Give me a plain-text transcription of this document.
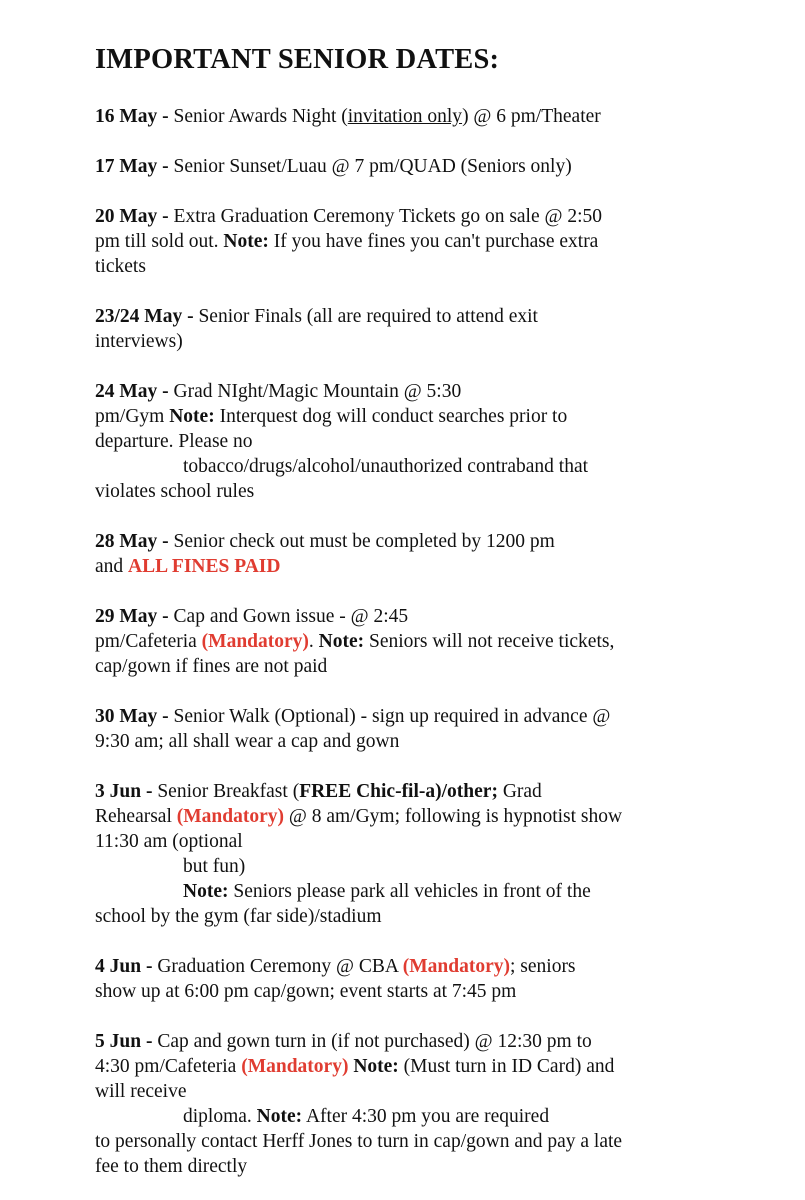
IMPORTANT SENIOR DATES:
16 May - Senior Awards Night (invitation only) @ 6 pm/Theater
17 May - Senior Sunset/Luau @ 7 pm/QUAD (Seniors only)
20 May - Extra Graduation Ceremony Tickets go on sale @ 2:50
pm till sold out. Note: If you have fines you can't purchase extra
tickets
23/24 May - Senior Finals (all are required to attend exit
interviews)
24 May - Grad NIght/Magic Mountain @ 5:30
pm/Gym Note: Interquest dog will conduct searches prior to
departure. Please no
tobacco/drugs/alcohol/unauthorized contraband that
violates school rules
28 May - Senior check out must be completed by 1200 pm
and ALL FINES PAID
29 May - Cap and Gown issue - @ 2:45
pm/Cafeteria (Mandatory). Note: Seniors will not receive tickets,
cap/gown if fines are not paid
30 May - Senior Walk (Optional) - sign up required in advance @
9:30 am; all shall wear a cap and gown
3 Jun - Senior Breakfast (FREE Chic-fil-a)/other; Grad
Rehearsal (Mandatory) @ 8 am/Gym; following is hypnotist show
11:30 am (optional
but fun)
Note: Seniors please park all vehicles in front of the
school by the gym (far side)/stadium
4 Jun - Graduation Ceremony @ CBA (Mandatory); seniors
show up at 6:00 pm cap/gown; event starts at 7:45 pm
5 Jun - Cap and gown turn in (if not purchased) @ 12:30 pm to
4:30 pm/Cafeteria (Mandatory) Note: (Must turn in ID Card) and
will receive
diploma. Note: After 4:30 pm you are required
to personally contact Herff Jones to turn in cap/gown and pay a late
fee to them directly
